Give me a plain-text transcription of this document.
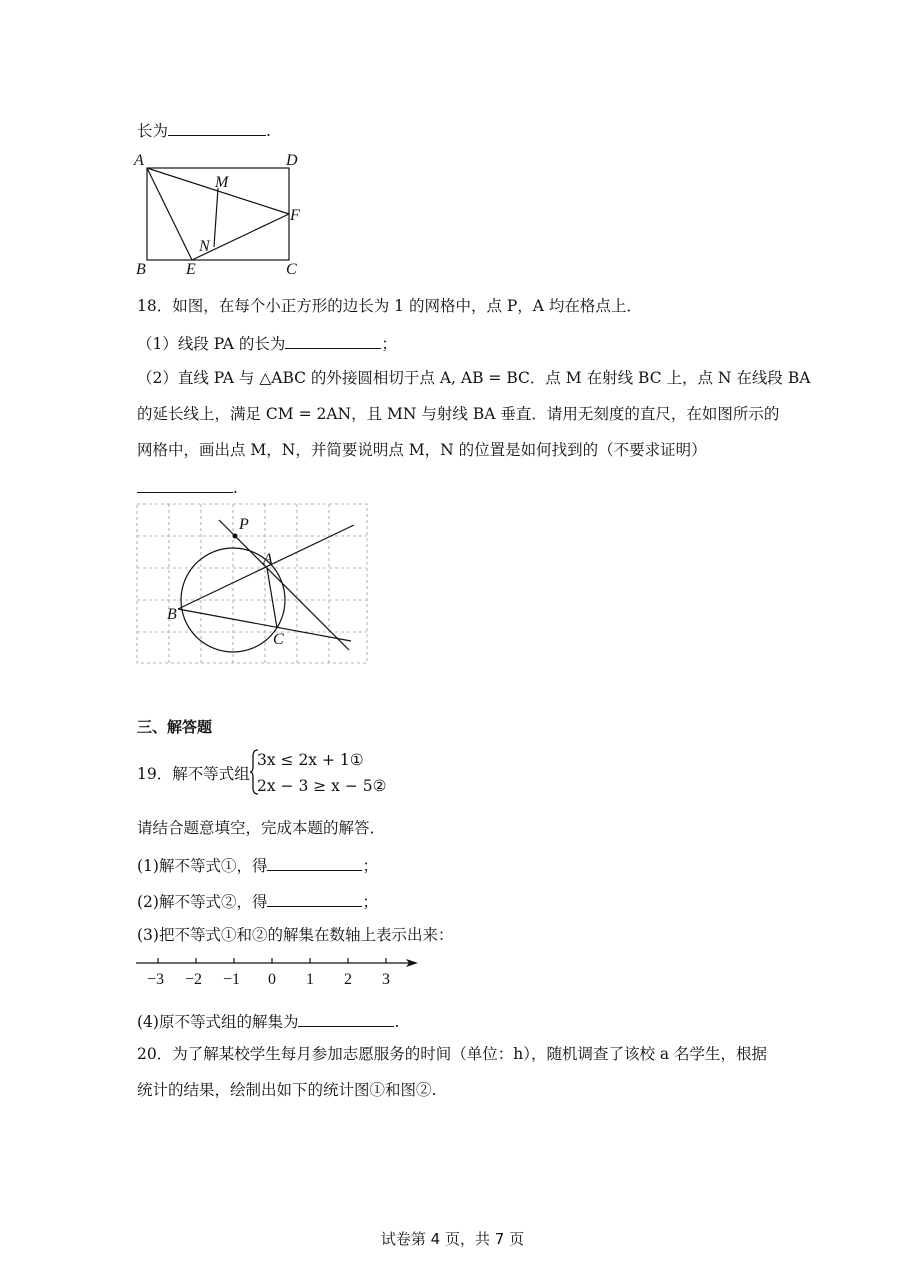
长为	.
A	D
M
F
N
B	E	C
18．如图，在每个小正方形的边长为 1 的网格中，点 P，A 均在格点上．
（1）线段 PA 的长为	；
（2）直线 PA 与 △ABC 的外接圆相切于点 A, AB = BC．点 M 在射线 BC 上，点 N 在线段 BA
的延长线上，满足 CM = 2AN，且 MN 与射线 BA 垂直．请用无刻度的直尺，在如图所示的
网格中，画出点 M，N，并简要说明点 M，N 的位置是如何找到的（不要求证明）
.
P
A
B
C
三、解答题
19．解不等式组
3x ≤ 2x + 1①
2x − 3 ≥ x − 5②
请结合题意填空，完成本题的解答．
(1)解不等式①，得	；
(2)解不等式②，得	；
(3)把不等式①和②的解集在数轴上表示出来：
−3 −2 −1 0 1 2 3
(4)原不等式组的解集为	.
20．为了解某校学生每月参加志愿服务的时间（单位：h），随机调查了该校 a 名学生，根据
统计的结果，绘制出如下的统计图①和图②.
试卷第 4 页，共 7 页
